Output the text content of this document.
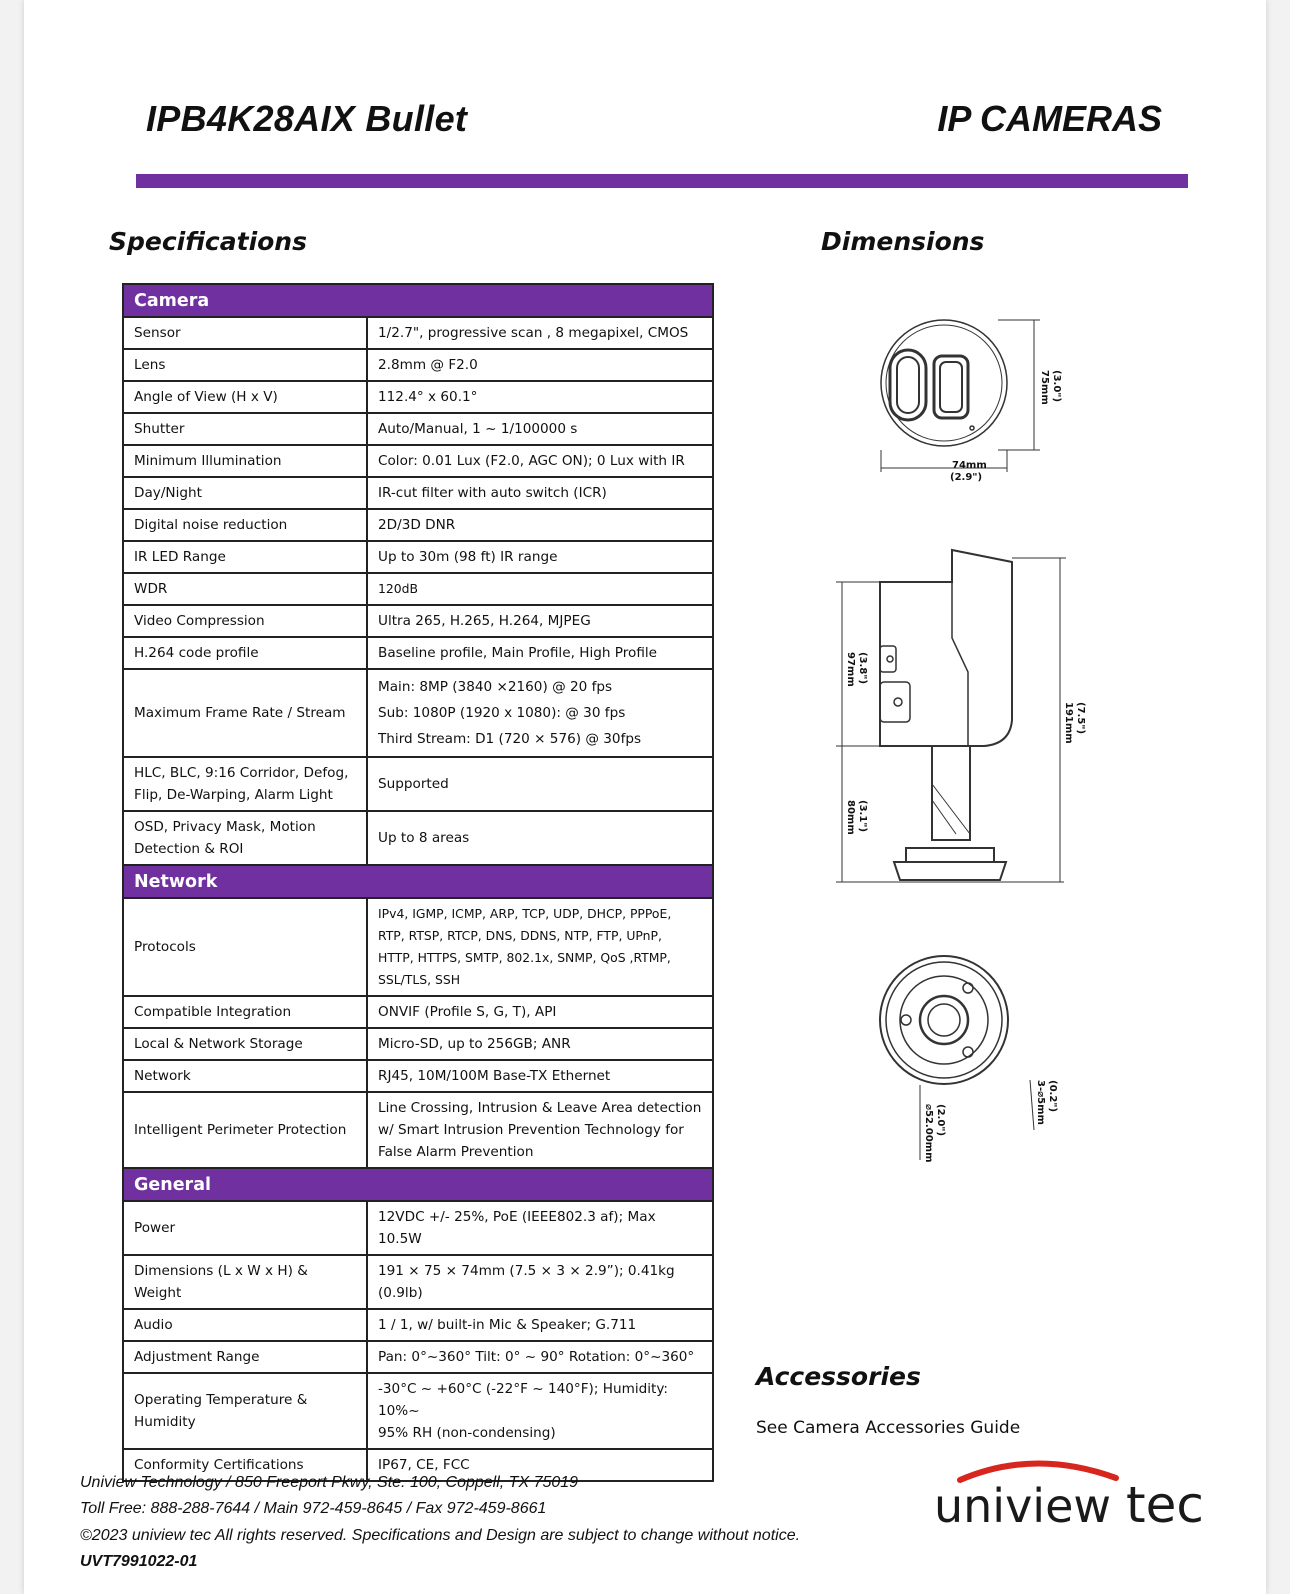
IPB4K28AIX Bullet	IP CAMERAS
Specifications	Dimensions
Camera	
Sensor	1/2.7", progressive scan , 8 megapixel, CMOS

Lens	2.8mm @ F2.0

Angle of View (H x V)	112.4° x 60.1°

Shutter	Auto/Manual, 1 ~ 1/100000 s

Minimum Illumination	Color: 0.01 Lux (F2.0, AGC ON); 0 Lux with IR

Day/Night	IR-cut filter with auto switch (ICR)

Digital noise reduction	2D/3D DNR

IR LED Range	Up to 30m (98 ft) IR range

WDR	120dB

Video Compression	Ultra 265, H.265, H.264, MJPEG

H.264 code profile	Baseline profile, Main Profile, High Profile

Maximum Frame Rate / Stream	Main: 8MP (3840 ×2160) @ 20 fps
Sub: 1080P (1920 x 1080): @ 30 fps
Third Stream: D1 (720 × 576) @ 30fps

HLC, BLC, 9:16 Corridor, Defog, Flip, De-Warping, Alarm Light	Supported

OSD, Privacy Mask, Motion Detection & ROI	Up to 8 areas

Network	
Protocols	IPv4, IGMP, ICMP, ARP, TCP, UDP, DHCP, PPPoE,
RTP, RTSP, RTCP, DNS, DDNS, NTP, FTP, UPnP,
HTTP, HTTPS, SMTP, 802.1x, SNMP, QoS ,RTMP,
SSL/TLS, SSH

Compatible Integration	ONVIF (Profile S, G, T), API

Local & Network Storage	Micro-SD, up to 256GB; ANR

Network	RJ45, 10M/100M Base-TX Ethernet

Intelligent Perimeter Protection	Line Crossing, Intrusion & Leave Area detection
w/ Smart Intrusion Prevention Technology for
False Alarm Prevention

General	
Power	12VDC +/- 25%, PoE (IEEE802.3 af); Max 10.5W

Dimensions (L x W x H) & Weight	191 × 75 × 74mm (7.5 × 3 × 2.9”); 0.41kg (0.9lb)

Audio	1 / 1, w/ built-in Mic & Speaker; G.711

Adjustment Range	Pan: 0°~360° Tilt: 0° ~ 90° Rotation: 0°~360°

Operating Temperature & Humidity	-30°C ~ +60°C (-22°F ~ 140°F); Humidity: 10%~
95% RH (non-condensing)

Conformity Certifications	IP67, CE, FCC
75mm (3.0")
74mm
(2.9")
97mm (3.8")
80mm (3.1")
191mm (7.5")
⌀52.00mm (2.0")	3-⌀5mm (0.2")
Accessories
See Camera Accessories Guide
Uniview Technology / 850 Freeport Pkwy, Ste. 100, Coppell, TX 75019
Toll Free: 888-288-7644 / Main 972-459-8645 / Fax 972-459-8661
©2023 uniview tec All rights reserved. Specifications and Design are subject to change without notice.
UVT7991022-01
uniview tec
